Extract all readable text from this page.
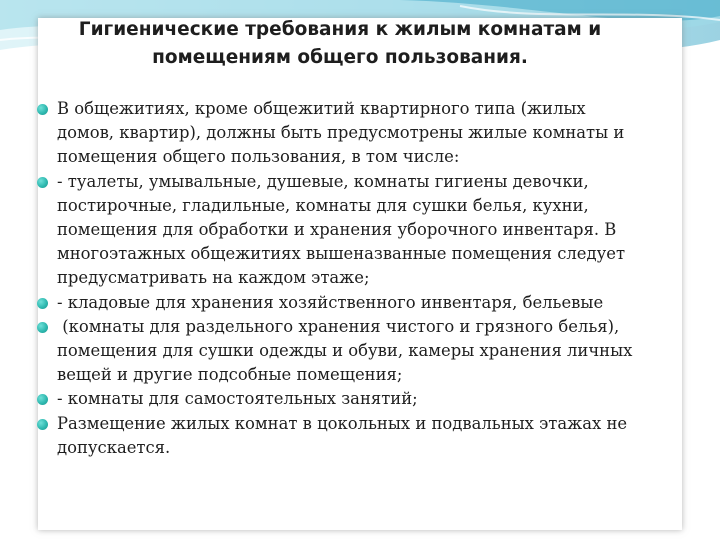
Гигиенические требования к жилым комнатам и
помещениям общего пользования.
В общежитиях, кроме общежитий квартирного типа (жилых
домов, квартир), должны быть предусмотрены жилые комнаты и
помещения общего пользования, в том числе:
- туалеты, умывальные, душевые, комнаты гигиены девочки,
постирочные, гладильные, комнаты для сушки белья, кухни,
помещения для обработки и хранения уборочного инвентаря. В
многоэтажных общежитиях вышеназванные помещения следует
предусматривать на каждом этаже;
- кладовые для хранения хозяйственного инвентаря, бельевые
(комнаты для раздельного хранения чистого и грязного белья),
помещения для сушки одежды и обуви, камеры хранения личных
вещей и другие подсобные помещения;
- комнаты для самостоятельных занятий;
Размещение жилых комнат в цокольных и подвальных этажах не
допускается.
